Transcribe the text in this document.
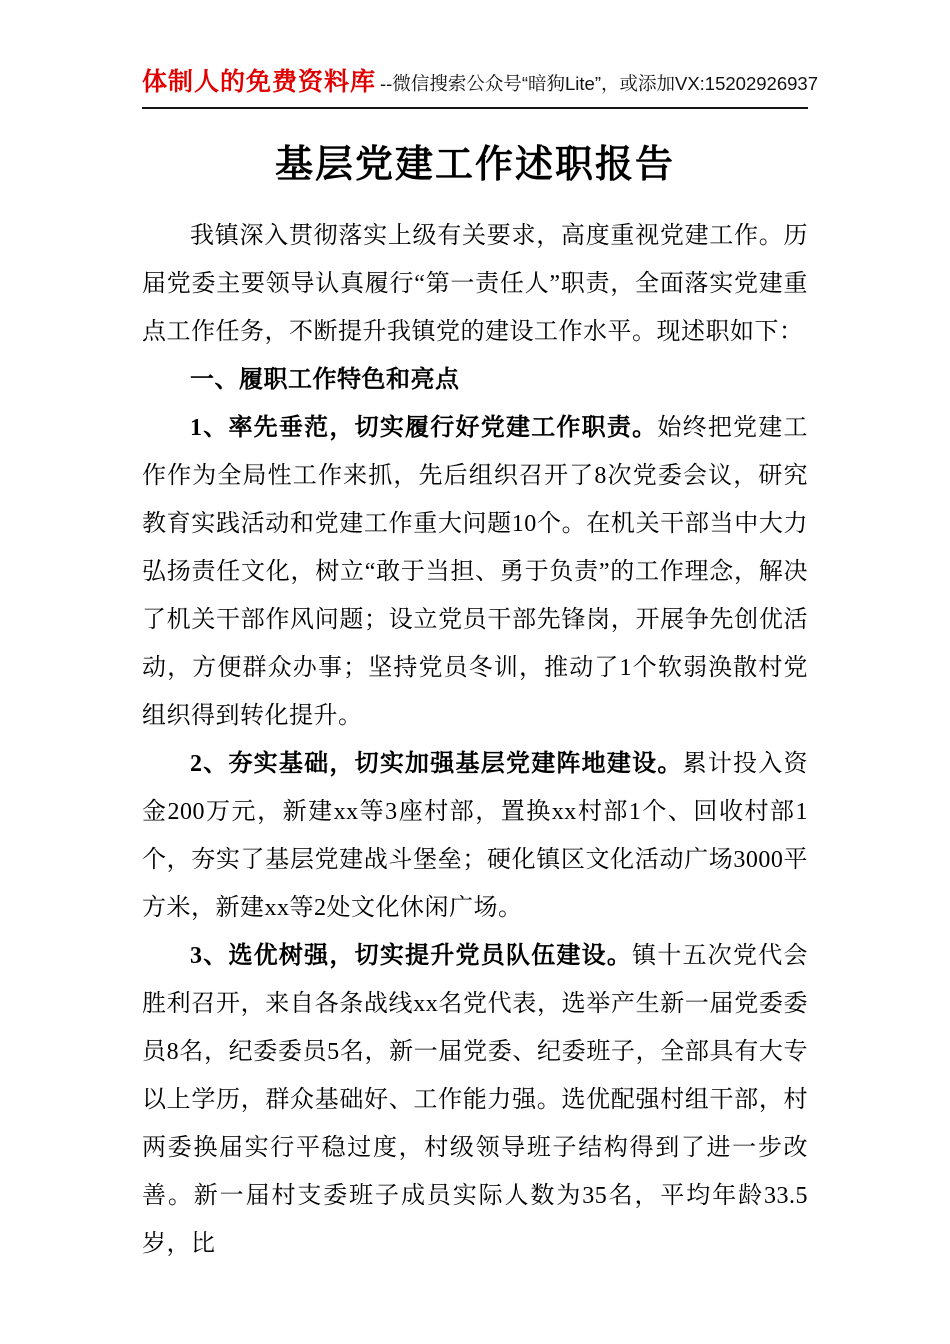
体制人的免费资料库 --微信搜索公众号“暗狗Lite”，或添加VX:15202926937
基层党建工作述职报告

我镇深入贯彻落实上级有关要求，高度重视党建工作。历届党委主要领导认真履行“第一责任人”职责，全面落实党建重点工作任务，不断提升我镇党的建设工作水平。现述职如下：

一、履职工作特色和亮点

1、率先垂范，切实履行好党建工作职责。始终把党建工作作为全局性工作来抓，先后组织召开了8次党委会议，研究教育实践活动和党建工作重大问题10个。在机关干部当中大力弘扬责任文化，树立“敢于当担、勇于负责”的工作理念，解决了机关干部作风问题；设立党员干部先锋岗，开展争先创优活动，方便群众办事；坚持党员冬训，推动了1个软弱涣散村党组织得到转化提升。

2、夯实基础，切实加强基层党建阵地建设。累计投入资金200万元，新建xx等3座村部，置换xx村部1个、回收村部1个，夯实了基层党建战斗堡垒；硬化镇区文化活动广场3000平方米，新建xx等2处文化休闲广场。

3、选优树强，切实提升党员队伍建设。镇十五次党代会胜利召开，来自各条战线xx名党代表，选举产生新一届党委委员8名，纪委委员5名，新一届党委、纪委班子，全部具有大专以上学历，群众基础好、工作能力强。选优配强村组干部，村两委换届实行平稳过度，村级领导班子结构得到了进一步改善。新一届村支委班子成员实际人数为35名，平均年龄33.5岁，比
